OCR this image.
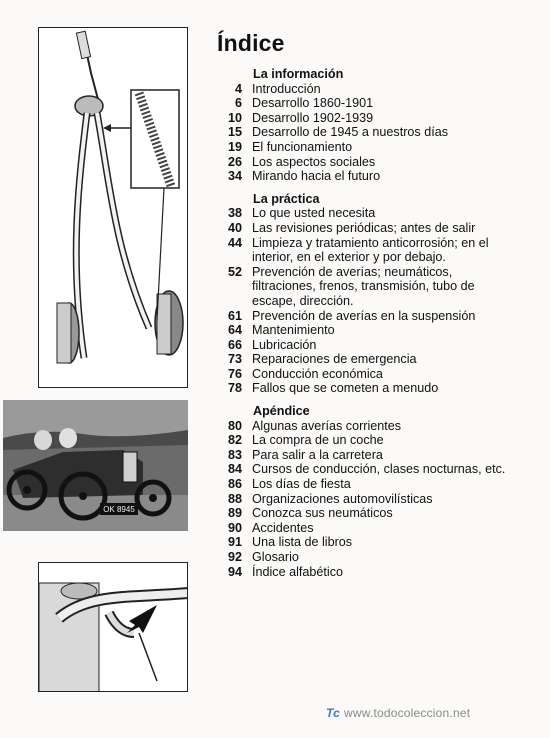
OK 8945
Índice
La información
4 Introducción
6 Desarrollo 1860-1901
10 Desarrollo 1902-1939
15 Desarrollo de 1945 a nuestros días
19 El funcionamiento
26 Los aspectos sociales
34 Mirando hacia el futuro
La práctica
38 Lo que usted necesita
40 Las revisiones periódicas; antes de salir
44 Limpieza y tratamiento anticorrosión; en el interior, en el exterior y por debajo.
52 Prevención de averías; neumáticos, filtraciones, frenos, transmisión, tubo de escape, dirección.
61 Prevención de averías en la suspensión
64 Mantenimiento
66 Lubricación
73 Reparaciones de emergencia
76 Conducción económica
78 Fallos que se cometen a menudo
Apéndice
80 Algunas averías corrientes
82 La compra de un coche
83 Para salir a la carretera
84 Cursos de conducción, clases nocturnas, etc.
86 Los días de fiesta
88 Organizaciones automovilísticas
89 Conozca sus neumáticos
90 Accidentes
91 Una lista de libros
92 Glosario
94 Índice alfabético
Tc www.todocoleccion.net
